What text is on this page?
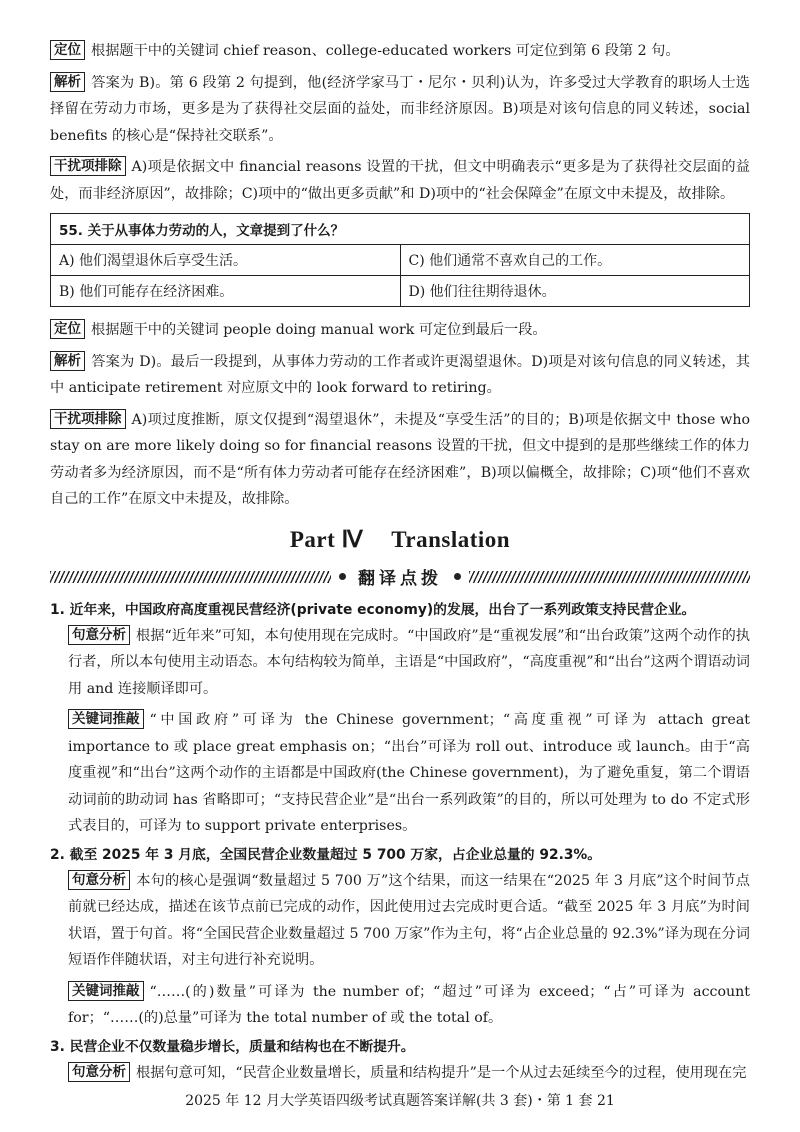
定位 根据题干中的关键词 chief reason、college-educated workers 可定位到第 6 段第 2 句。

解析 答案为 B)。第 6 段第 2 句提到，他(经济学家马丁・尼尔・贝利)认为，许多受过大学教育的职场人士选择留在劳动力市场，更多是为了获得社交层面的益处，而非经济原因。B)项是对该句信息的同义转述，social benefits 的核心是“保持社交联系”。

干扰项排除 A)项是依据文中 financial reasons 设置的干扰，但文中明确表示“更多是为了获得社交层面的益处，而非经济原因”，故排除；C)项中的“做出更多贡献”和 D)项中的“社会保障金”在原文中未提及，故排除。

55. 关于从事体力劳动的人，文章提到了什么？	
A) 他们渴望退休后享受生活。	C) 他们通常不喜欢自己的工作。
B) 他们可能存在经济困难。	D) 他们往往期待退休。

定位 根据题干中的关键词 people doing manual work 可定位到最后一段。

解析 答案为 D)。最后一段提到，从事体力劳动的工作者或许更渴望退休。D)项是对该句信息的同义转述，其中 anticipate retirement 对应原文中的 look forward to retiring。

干扰项排除 A)项过度推断，原文仅提到“渴望退休”，未提及“享受生活”的目的；B)项是依据文中 those who stay on are more likely doing so for financial reasons 设置的干扰，但文中提到的是那些继续工作的体力劳动者多为经济原因，而不是“所有体力劳动者可能存在经济困难”，B)项以偏概全，故排除；C)项“他们不喜欢自己的工作”在原文中未提及，故排除。

Part Ⅳ Translation
翻译点拨

1. 近年来，中国政府高度重视民营经济(private economy)的发展，出台了一系列政策支持民营企业。

句意分析 根据“近年来”可知，本句使用现在完成时。“中国政府”是“重视发展”和“出台政策”这两个动作的执行者，所以本句使用主动语态。本句结构较为简单，主语是“中国政府”，“高度重视”和“出台”这两个谓语动词用 and 连接顺译即可。

关键词推敲 “中国政府”可译为 the Chinese government；“高度重视”可译为 attach great importance to 或 place great emphasis on；“出台”可译为 roll out、introduce 或 launch。由于“高度重视”和“出台”这两个动作的主语都是中国政府(the Chinese government)，为了避免重复，第二个谓语动词前的助动词 has 省略即可；“支持民营企业”是“出台一系列政策”的目的，所以可处理为 to do 不定式形式表目的，可译为 to support private enterprises。

2. 截至 2025 年 3 月底，全国民营企业数量超过 5 700 万家，占企业总量的 92.3%。

句意分析 本句的核心是强调“数量超过 5 700 万”这个结果，而这一结果在“2025 年 3 月底”这个时间节点前就已经达成，描述在该节点前已完成的动作，因此使用过去完成时更合适。“截至 2025 年 3 月底”为时间状语，置于句首。将“全国民营企业数量超过 5 700 万家”作为主句，将“占企业总量的 92.3%”译为现在分词短语作伴随状语，对主句进行补充说明。

关键词推敲 “……(的)数量”可译为 the number of；“超过”可译为 exceed；“占”可译为 account for；“……(的)总量”可译为 the total number of 或 the total of。

3. 民营企业不仅数量稳步增长，质量和结构也在不断提升。

句意分析 根据句意可知，“民营企业数量增长，质量和结构提升”是一个从过去延续至今的过程，使用现在完

2025 年 12 月大学英语四级考试真题答案详解(共 3 套)・第 1 套 21
